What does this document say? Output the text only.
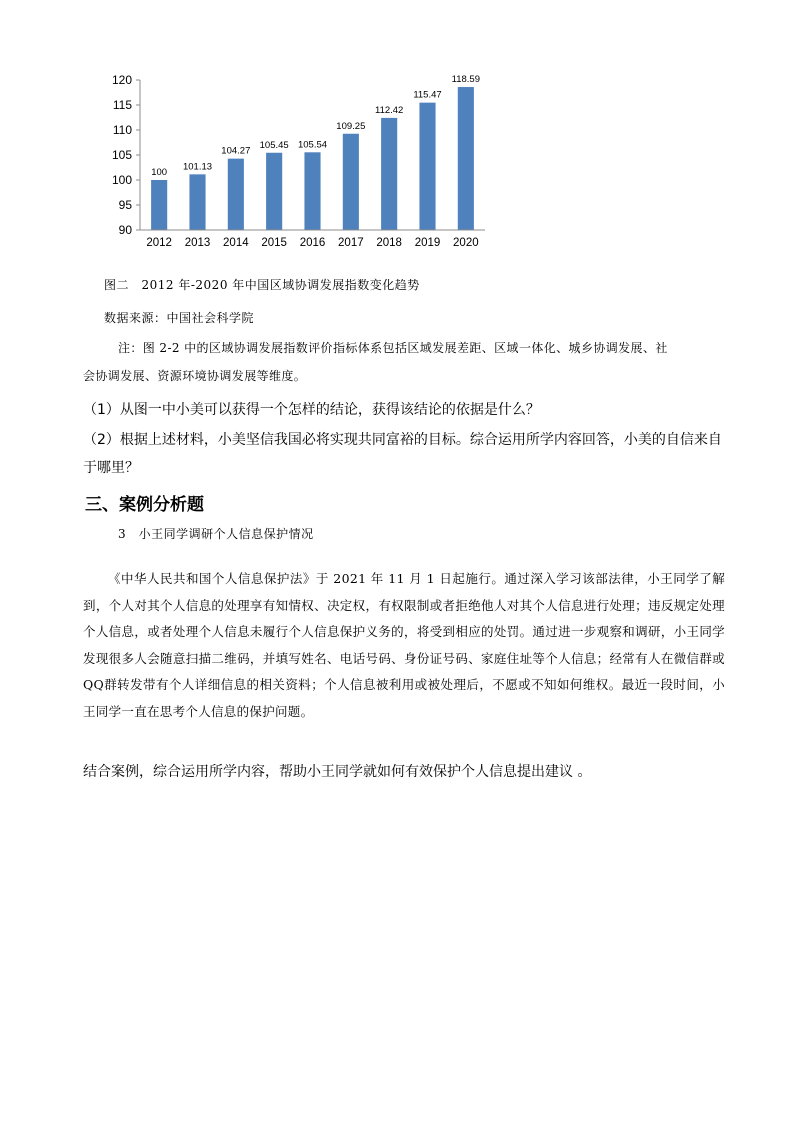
90
95
100
105
110
115
120
100
101.13
104.27
105.45 105.54
109.25
112.42
115.47
118.59
2012 2013 2014 2015 2016 2017 2018 2019 2020
图二　2012 年-2020 年中国区域协调发展指数变化趋势
数据来源：中国社会科学院
注：图 2-2 中的区域协调发展指数评价指标体系包括区域发展差距、区域一体化、城乡协调发展、社
会协调发展、资源环境协调发展等维度。
（1）从图一中小美可以获得一个怎样的结论，获得该结论的依据是什么？
（2）根据上述材料，小美坚信我国必将实现共同富裕的目标。综合运用所学内容回答，小美的自信来自于哪里？
三、案例分析题
3　小王同学调研个人信息保护情况
《中华人民共和国个人信息保护法》于 2021 年 11 月 1 日起施行。通过深入学习该部法律，小王同学了解到，个人对其个人信息的处理享有知情权、决定权，有权限制或者拒绝他人对其个人信息进行处理；违反规定处理个人信息，或者处理个人信息未履行个人信息保护义务的，将受到相应的处罚。通过进一步观察和调研，小王同学发现很多人会随意扫描二维码，并填写姓名、电话号码、身份证号码、家庭住址等个人信息；经常有人在微信群或QQ群转发带有个人详细信息的相关资料；个人信息被利用或被处理后，不愿或不知如何维权。最近一段时间，小王同学一直在思考个人信息的保护问题。
结合案例，综合运用所学内容，帮助小王同学就如何有效保护个人信息提出建议 。
